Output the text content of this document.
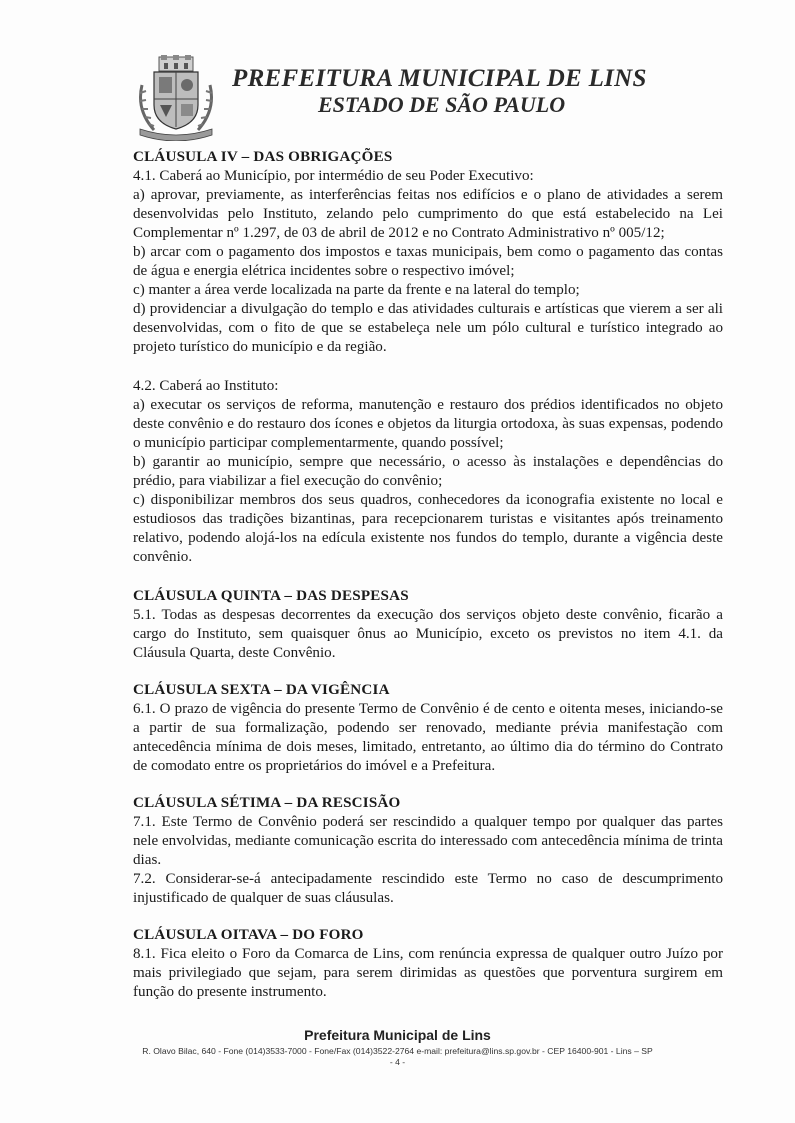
PREFEITURA MUNICIPAL DE LINS
ESTADO DE SÃO PAULO

CLÁUSULA IV – DAS OBRIGAÇÕES

4.1. Caberá ao Município, por intermédio de seu Poder Executivo:

a) aprovar, previamente, as interferências feitas nos edifícios e o plano de atividades a serem desenvolvidas pelo Instituto, zelando pelo cumprimento do que está estabelecido na Lei Complementar nº 1.297, de 03 de abril de 2012 e no Contrato Administrativo nº 005/12;

b) arcar com o pagamento dos impostos e taxas municipais, bem como o pagamento das contas de água e energia elétrica incidentes sobre o respectivo imóvel;

c) manter a área verde localizada na parte da frente e na lateral do templo;

d) providenciar a divulgação do templo e das atividades culturais e artísticas que vierem a ser ali desenvolvidas, com o fito de que se estabeleça nele um pólo cultural e turístico integrado ao projeto turístico do município e da região.

4.2. Caberá ao Instituto:

a) executar os serviços de reforma, manutenção e restauro dos prédios identificados no objeto deste convênio e do restauro dos ícones e objetos da liturgia ortodoxa, às suas expensas, podendo o município participar complementarmente, quando possível;

b) garantir ao município, sempre que necessário, o acesso às instalações e dependências do prédio, para viabilizar a fiel execução do convênio;

c) disponibilizar membros dos seus quadros, conhecedores da iconografia existente no local e estudiosos das tradições bizantinas, para recepcionarem turistas e visitantes após treinamento relativo, podendo alojá-los na edícula existente nos fundos do templo, durante a vigência deste convênio.

CLÁUSULA QUINTA – DAS DESPESAS

5.1. Todas as despesas decorrentes da execução dos serviços objeto deste convênio, ficarão a cargo do Instituto, sem quaisquer ônus ao Município, exceto os previstos no item 4.1. da Cláusula Quarta, deste Convênio.

CLÁUSULA SEXTA – DA VIGÊNCIA

6.1. O prazo de vigência do presente Termo de Convênio é de cento e oitenta meses, iniciando-se a partir de sua formalização, podendo ser renovado, mediante prévia manifestação com antecedência mínima de dois meses, limitado, entretanto, ao último dia do término do Contrato de comodato entre os proprietários do imóvel e a Prefeitura.

CLÁUSULA SÉTIMA – DA RESCISÃO

7.1. Este Termo de Convênio poderá ser rescindido a qualquer tempo por qualquer das partes nele envolvidas, mediante comunicação escrita do interessado com antecedência mínima de trinta dias.

7.2. Considerar-se-á antecipadamente rescindido este Termo no caso de descumprimento injustificado de qualquer de suas cláusulas.

CLÁUSULA OITAVA – DO FORO

8.1. Fica eleito o Foro da Comarca de Lins, com renúncia expressa de qualquer outro Juízo por mais privilegiado que sejam, para serem dirimidas as questões que porventura surgirem em função do presente instrumento.

Prefeitura Municipal de Lins

R. Olavo Bilac, 640 - Fone (014)3533-7000 - Fone/Fax (014)3522-2764 e-mail: prefeitura@lins.sp.gov.br - CEP 16400-901 - Lins – SP

- 4 -
